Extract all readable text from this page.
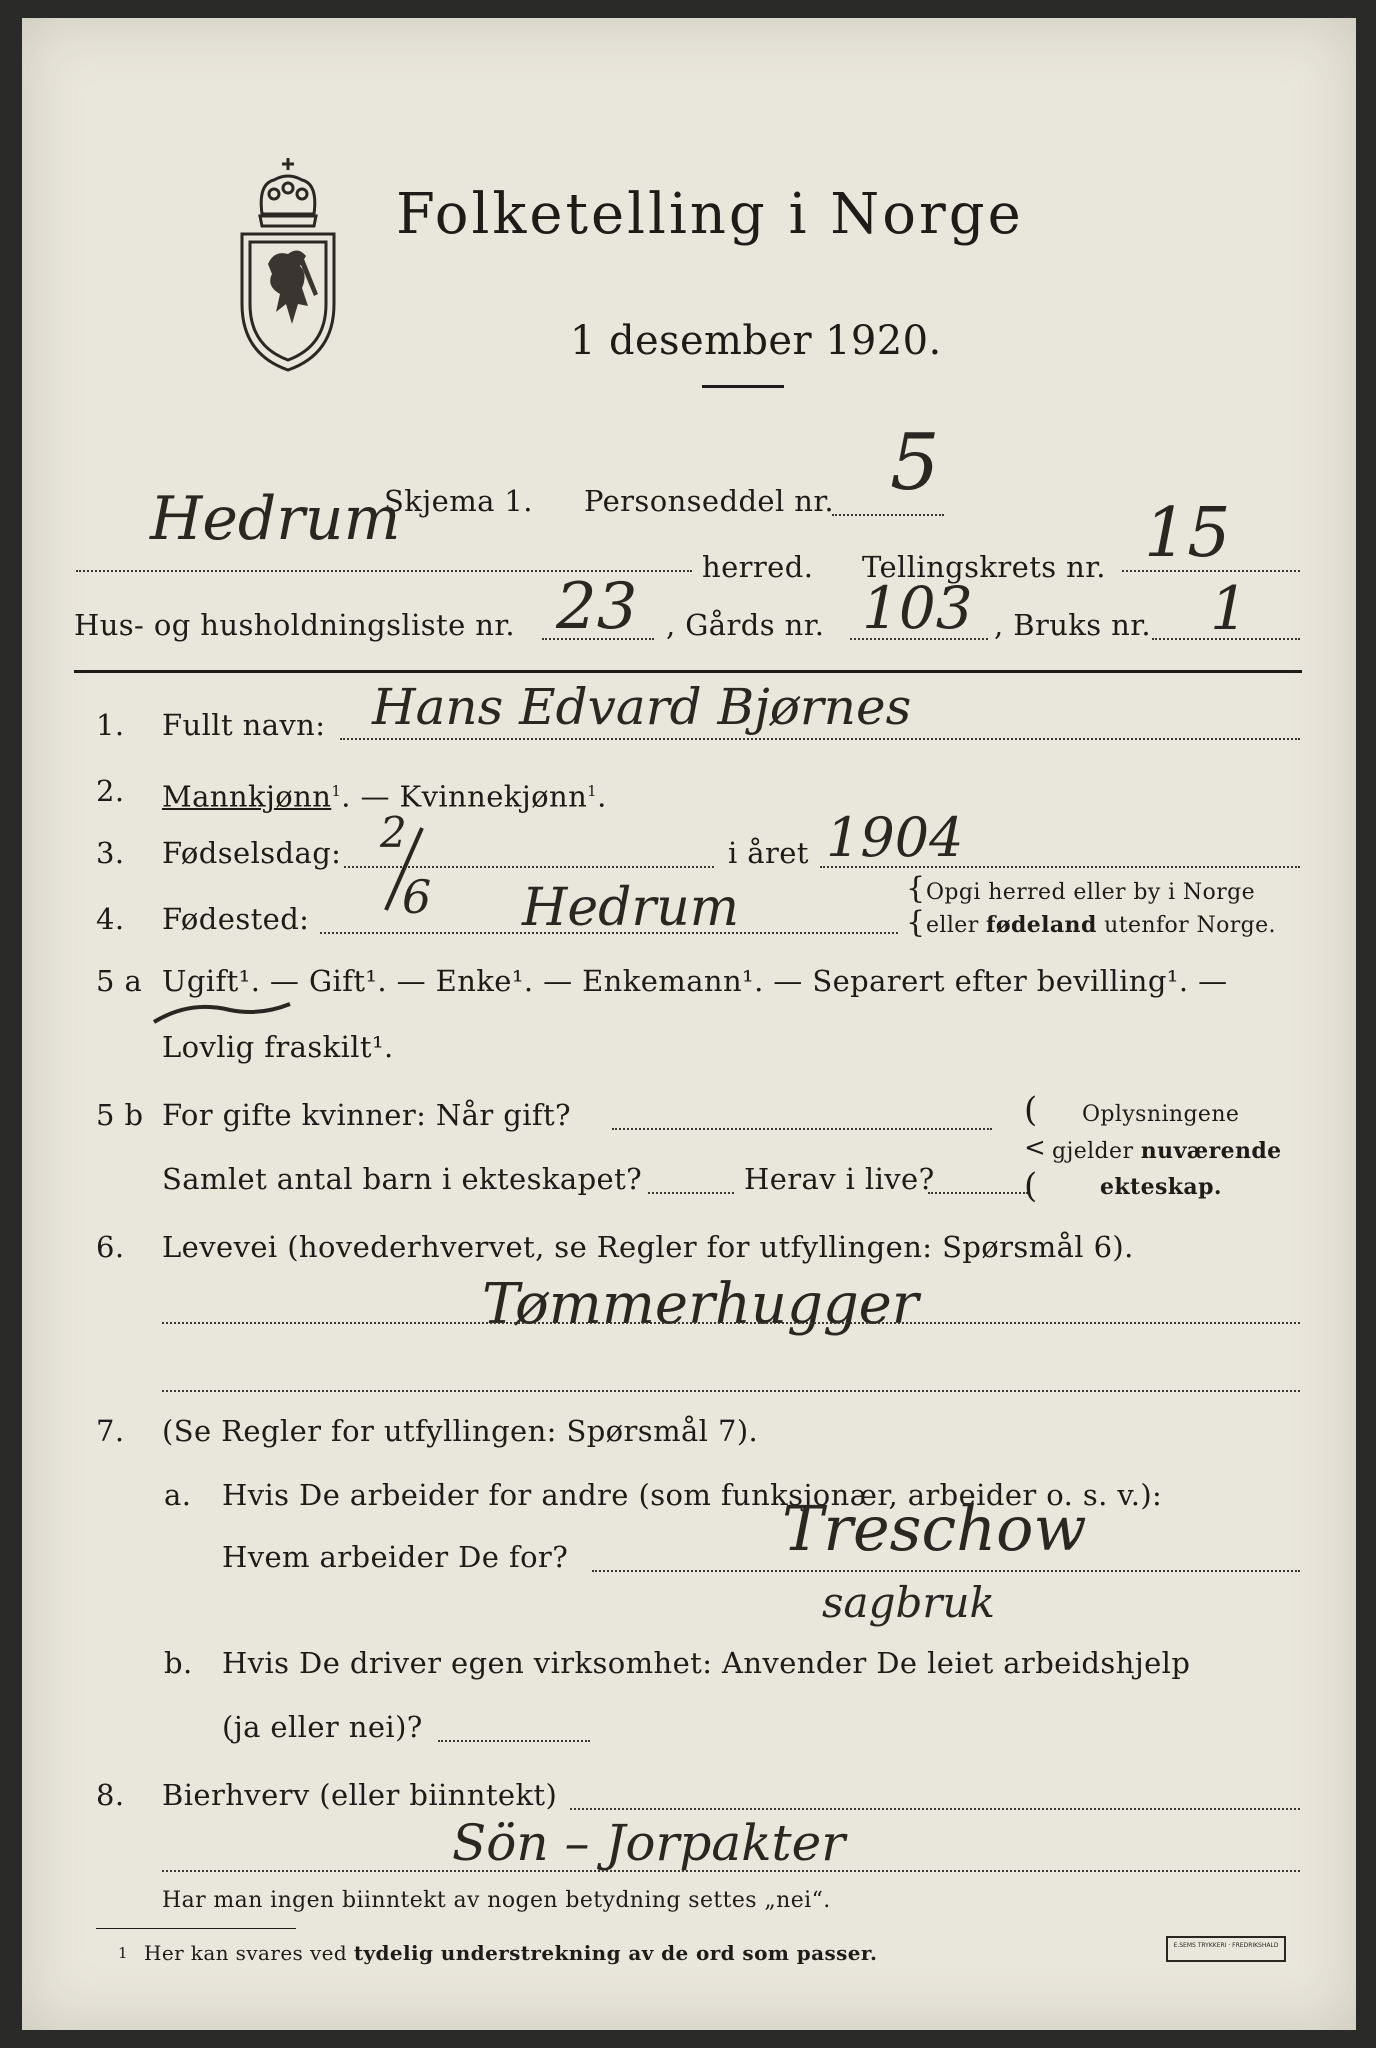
Folketelling i Norge
1 desember 1920.
Skjema 1. Personseddel nr. 5
Hedrum
herred. Tellingskrets nr. 15
Hus- og husholdningsliste nr. 23 , Gårds nr. 103 , Bruks nr. 1
1. Fullt navn: Hans Edvard Bjørnes
2. Mannkjønn$^1$. — Kvinnekjønn$^1$.
3. Fødselsdag: 2
6
i året 1904
4. Fødested:	Hedrum	{
{
Opgi herred eller by i Norge
eller fødeland utenfor Norge.
5 a Ugift¹. — Gift¹. — Enke¹. — Enkemann¹. — Separert efter bevilling¹. —
Lovlig fraskilt¹.
5 b For gifte kvinner: Når gift?
Samlet antal barn i ekteskapet?	Herav i live?
(
<
(
Oplysningene
gjelder nuværende
ekteskap.
6. Levevei (hovederhvervet, se Regler for utfyllingen: Spørsmål 6).
Tømmerhugger
7. (Se Regler for utfyllingen: Spørsmål 7).
a. Hvis De arbeider for andre (som funksjonær, arbeider o. s. v.):
Hvem arbeider De for?	Treschow
sagbruk
b. Hvis De driver egen virksomhet: Anvender De leiet arbeidshjelp
(ja eller nei)?
8. Bierhverv (eller biinntekt)
Sön – Jorpakter
Har man ingen biinntekt av nogen betydning settes „nei“.
1 Her kan svares ved tydelig understrekning av de ord som passer.	E.SEMS TRYKKERI · FREDRIKSHALD
